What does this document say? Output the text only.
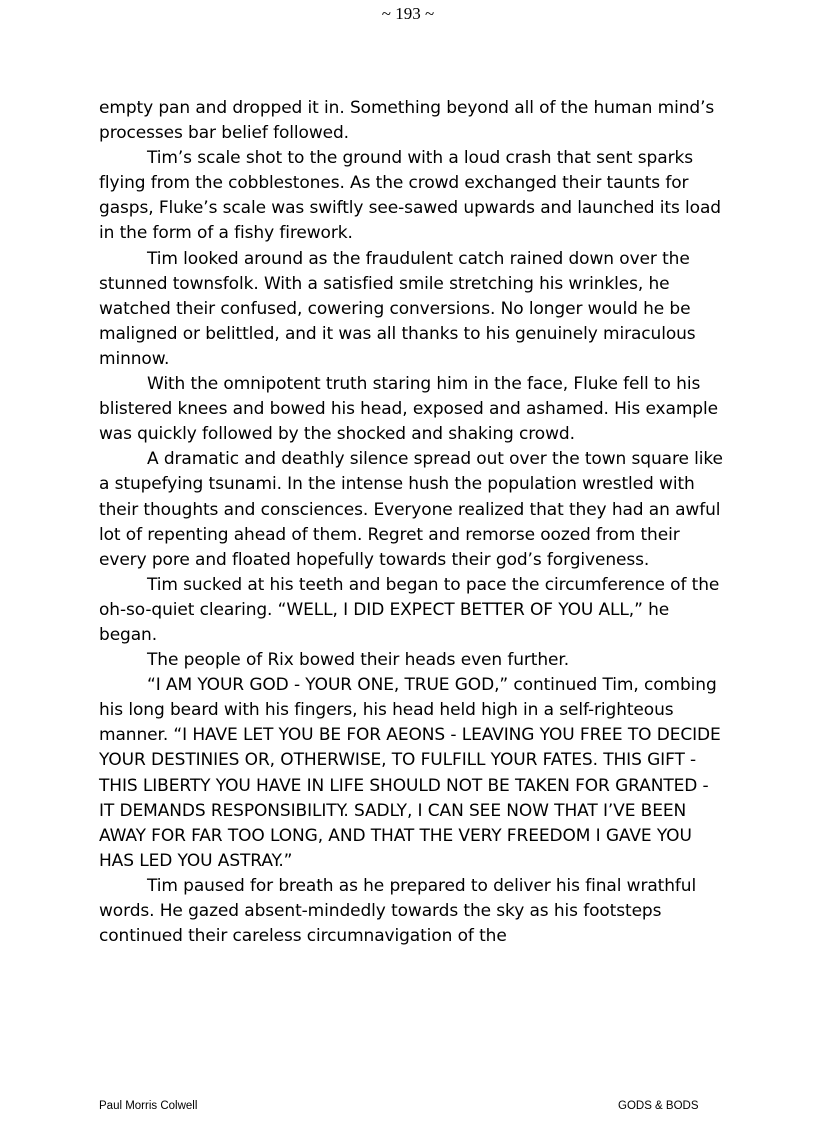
~ 193 ~

empty pan and dropped it in. Something beyond all of the human mind’s processes bar belief followed.

Tim’s scale shot to the ground with a loud crash that sent sparks flying from the cobblestones. As the crowd exchanged their taunts for gasps, Fluke’s scale was swiftly see-sawed upwards and launched its load in the form of a fishy firework.

Tim looked around as the fraudulent catch rained down over the stunned townsfolk. With a satisfied smile stretching his wrinkles, he watched their confused, cowering conversions. No longer would he be maligned or belittled, and it was all thanks to his genuinely miraculous minnow.

With the omnipotent truth staring him in the face, Fluke fell to his blistered knees and bowed his head, exposed and ashamed. His example was quickly followed by the shocked and shaking crowd.

A dramatic and deathly silence spread out over the town square like a stupefying tsunami. In the intense hush the population wrestled with their thoughts and consciences. Everyone realized that they had an awful lot of repenting ahead of them. Regret and remorse oozed from their every pore and floated hopefully towards their god’s forgiveness.

Tim sucked at his teeth and began to pace the circumference of the oh-so-quiet clearing. “WELL, I DID EXPECT BETTER OF YOU ALL,” he began.

The people of Rix bowed their heads even further.

“I AM YOUR GOD - YOUR ONE, TRUE GOD,” continued Tim, combing his long beard with his fingers, his head held high in a self-righteous manner. “I HAVE LET YOU BE FOR AEONS - LEAVING YOU FREE TO DECIDE YOUR DESTINIES OR, OTHERWISE, TO FULFILL YOUR FATES. THIS GIFT - THIS LIBERTY YOU HAVE IN LIFE SHOULD NOT BE TAKEN FOR GRANTED - IT DEMANDS RESPONSIBILITY. SADLY, I CAN SEE NOW THAT I’VE BEEN AWAY FOR FAR TOO LONG, AND THAT THE VERY FREEDOM I GAVE YOU HAS LED YOU ASTRAY.”

Tim paused for breath as he prepared to deliver his final wrathful words. He gazed absent-mindedly towards the sky as his footsteps continued their careless circumnavigation of the

Paul Morris Colwell	GODS & BODS
